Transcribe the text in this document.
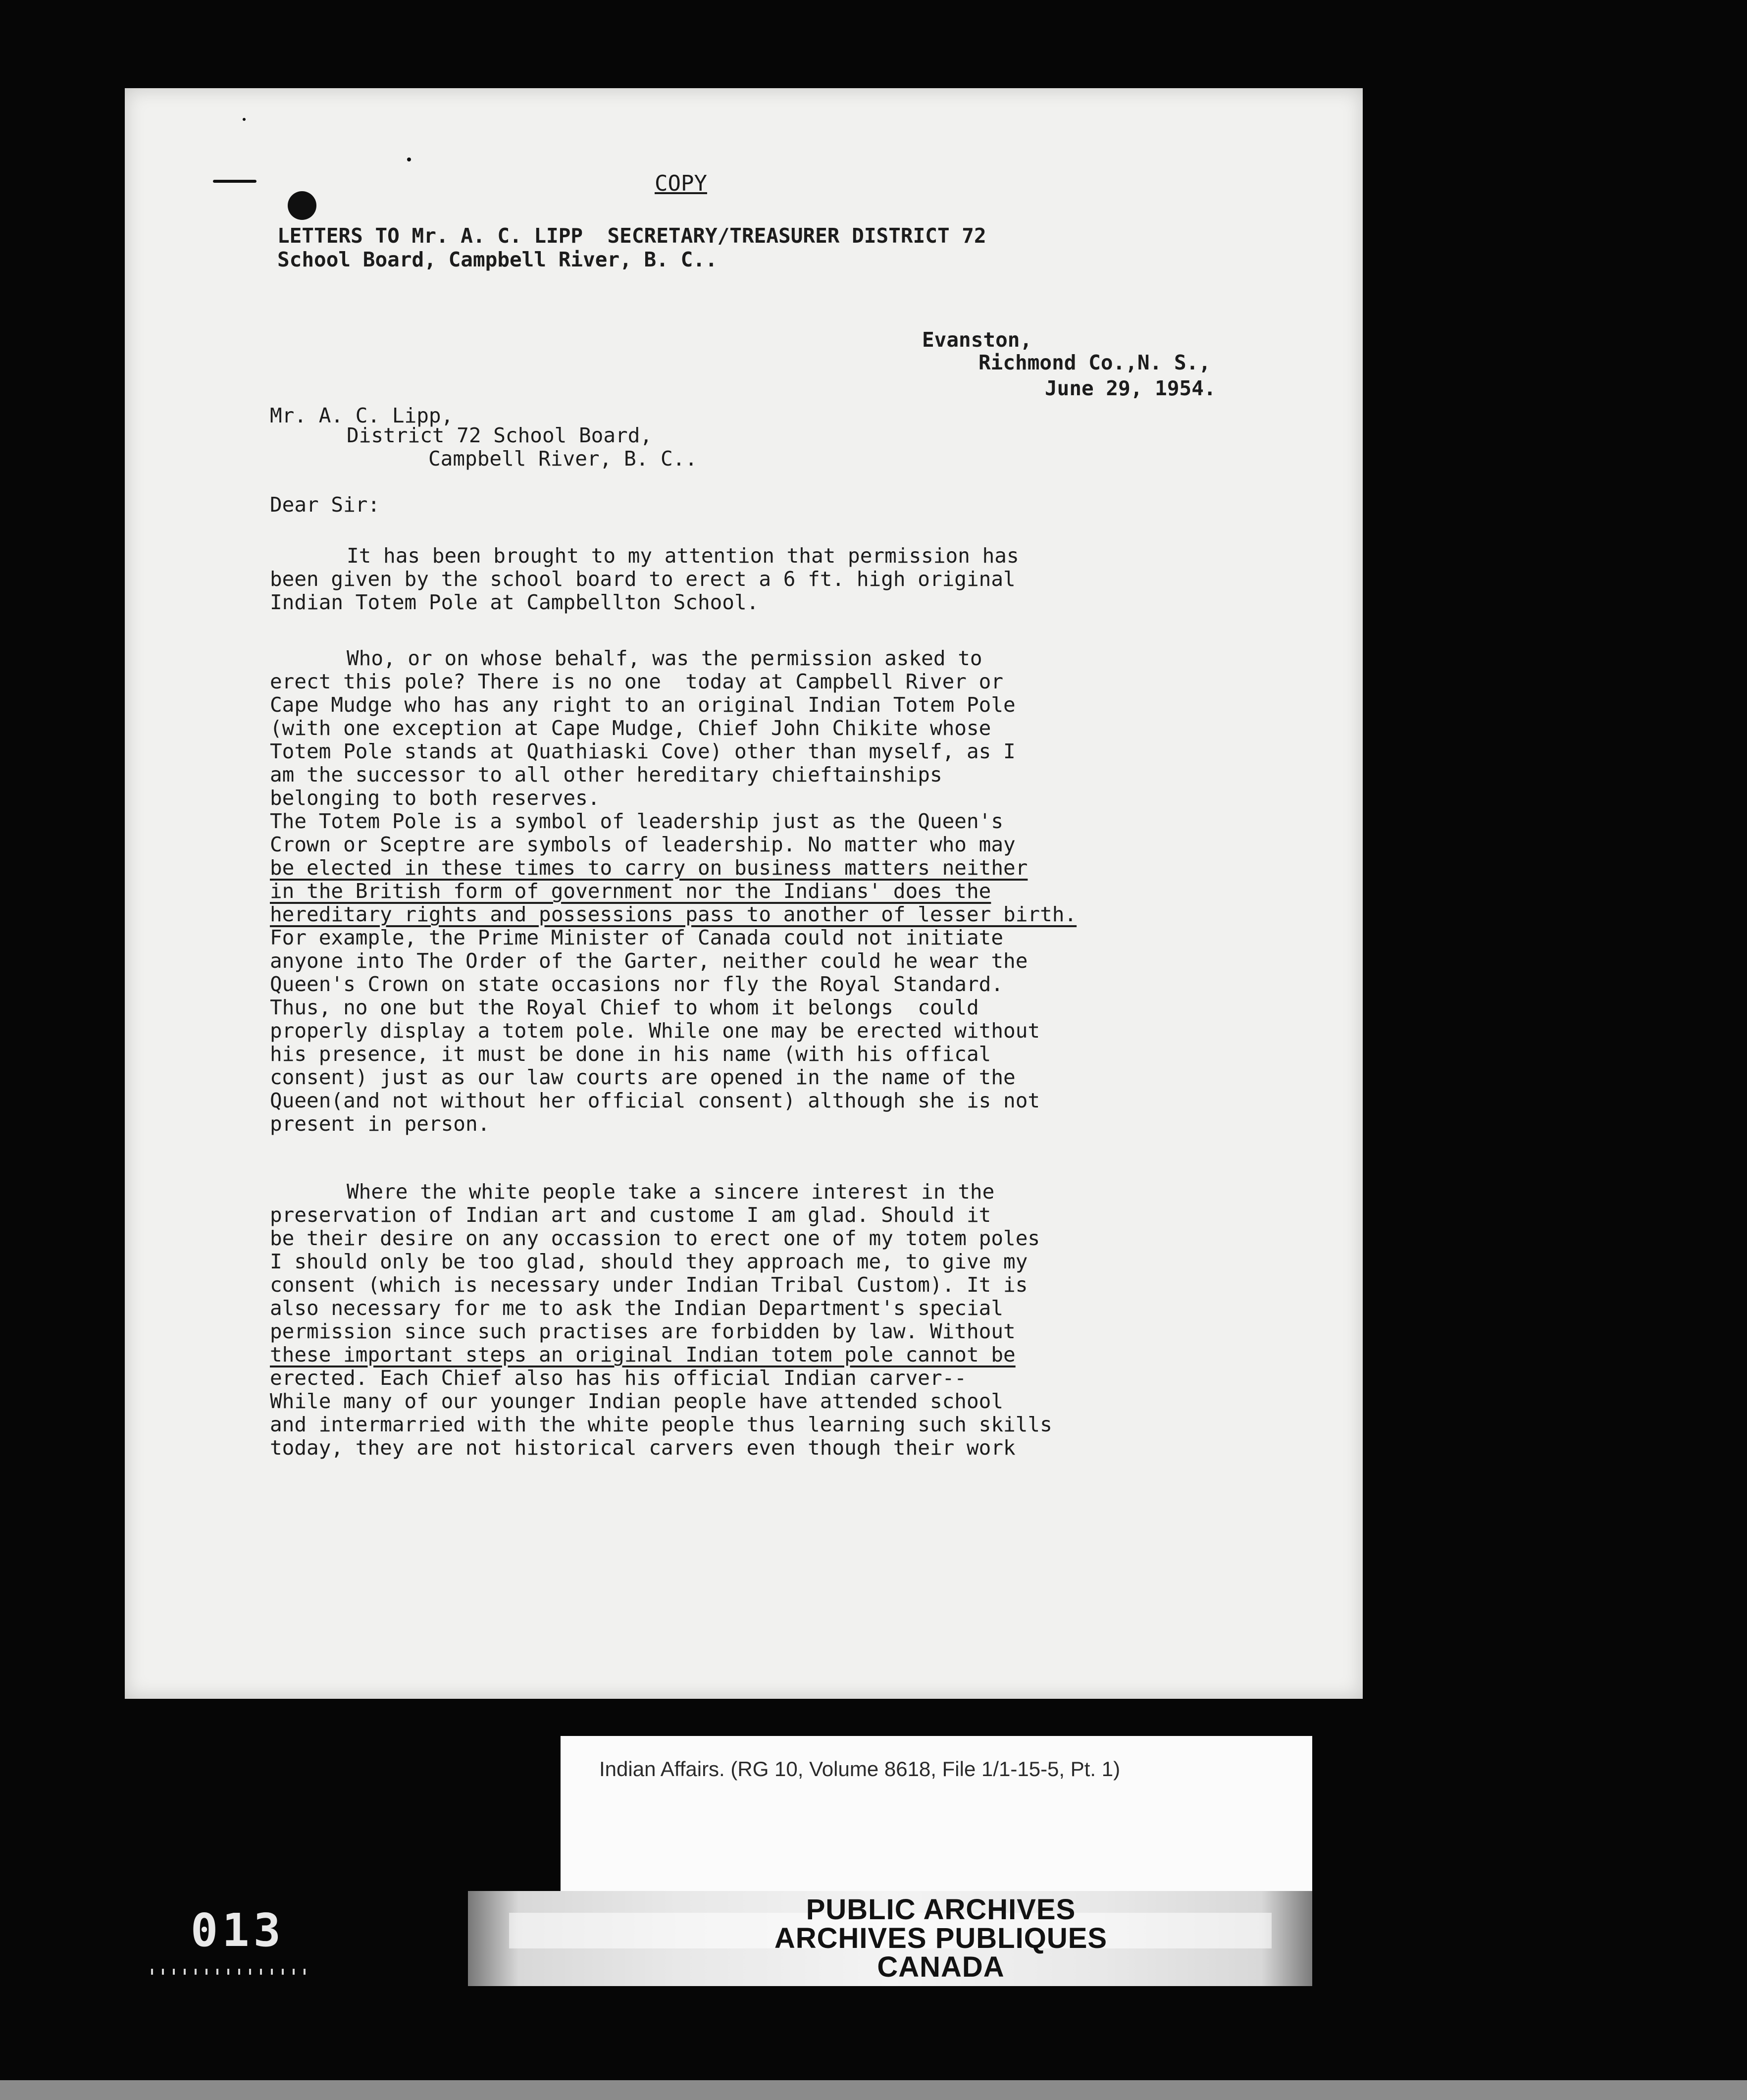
COPY
LETTERS TO Mr. A. C. LIPP  SECRETARY/TREASURER DISTRICT 72
School Board, Campbell River, B. C..
Evanston,
Richmond Co.,N. S.,
June 29, 1954.
Mr. A. C. Lipp,
District 72 School Board,
Campbell River, B. C..
Dear Sir:
It has been brought to my attention that permission has
been given by the school board to erect a 6 ft. high original
Indian Totem Pole at Campbellton School.
Who, or on whose behalf, was the permission asked to
erect this pole? There is no one  today at Campbell River or
Cape Mudge who has any right to an original Indian Totem Pole
(with one exception at Cape Mudge, Chief John Chikite whose
Totem Pole stands at Quathiaski Cove) other than myself, as I
am the successor to all other hereditary chieftainships
belonging to both reserves.
The Totem Pole is a symbol of leadership just as the Queen's
Crown or Sceptre are symbols of leadership. No matter who may
be elected in these times to carry on business matters neither
in the British form of government nor the Indians' does the
hereditary rights and possessions pass to another of lesser birth.
For example, the Prime Minister of Canada could not initiate
anyone into The Order of the Garter, neither could he wear the
Queen's Crown on state occasions nor fly the Royal Standard.
Thus, no one but the Royal Chief to whom it belongs  could
properly display a totem pole. While one may be erected without
his presence, it must be done in his name (with his offical
consent) just as our law courts are opened in the name of the
Queen(and not without her official consent) although she is not
present in person.
Where the white people take a sincere interest in the
preservation of Indian art and custome I am glad. Should it
be their desire on any occassion to erect one of my totem poles
I should only be too glad, should they approach me, to give my
consent (which is necessary under Indian Tribal Custom). It is
also necessary for me to ask the Indian Department's special
permission since such practises are forbidden by law. Without
these important steps an original Indian totem pole cannot be
erected. Each Chief also has his official Indian carver--
While many of our younger Indian people have attended school
and intermarried with the white people thus learning such skills
today, they are not historical carvers even though their work
Indian Affairs. (RG 10, Volume 8618, File 1/1-15-5, Pt. 1)
PUBLIC ARCHIVES
ARCHIVES PUBLIQUES
CANADA
013
